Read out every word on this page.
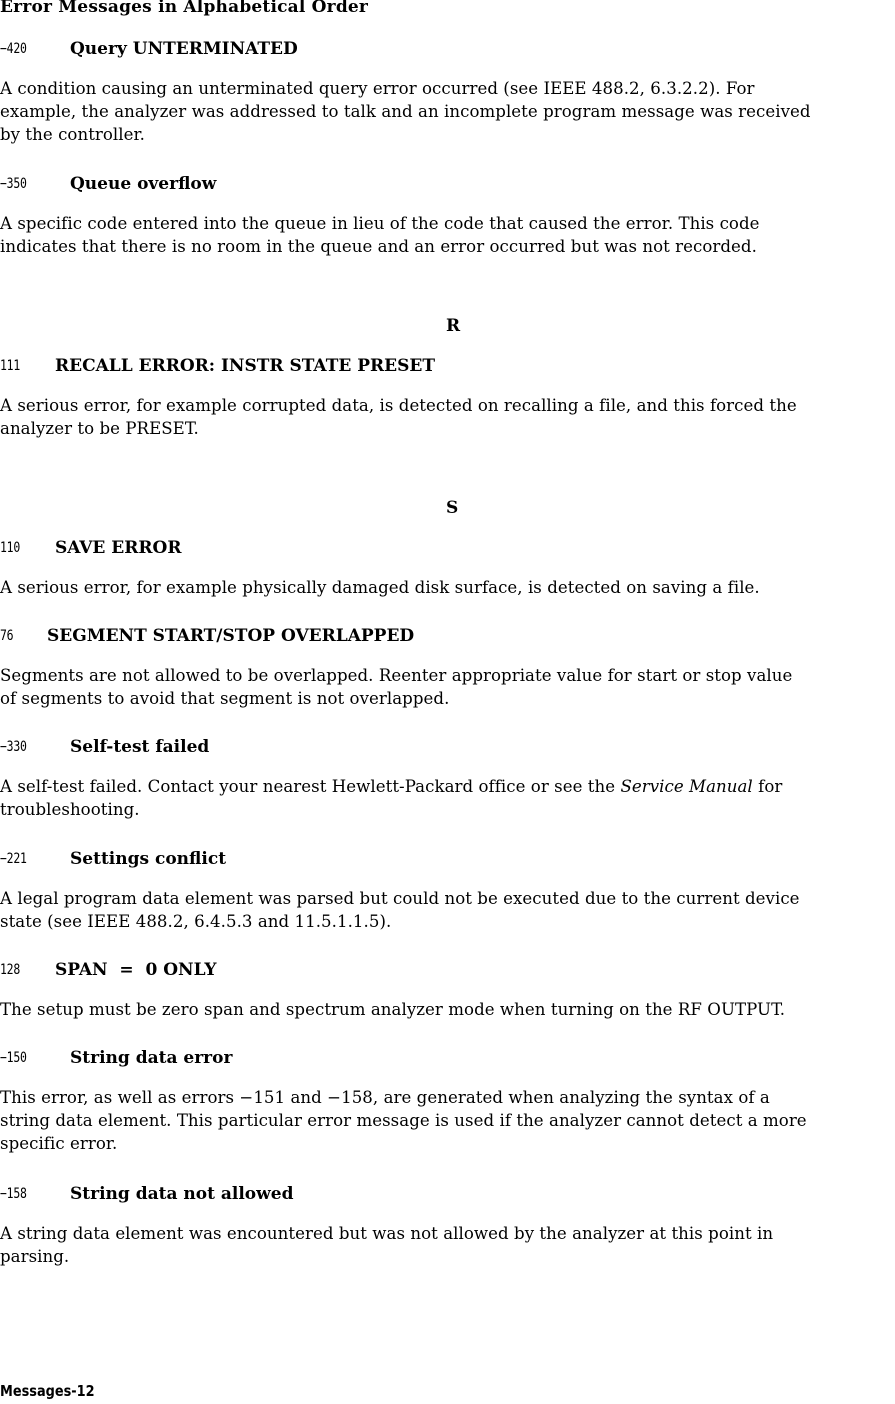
Error Messages in Alphabetical Order
−420	Query UNTERMINATED
A condition causing an unterminated query error occurred (see IEEE 488.2, 6.3.2.2). For
example, the analyzer was addressed to talk and an incomplete program message was received
by the controller.
−350	Queue overflow
A specific code entered into the queue in lieu of the code that caused the error. This code
indicates that there is no room in the queue and an error occurred but was not recorded.
R
111 RECALL ERROR: INSTR STATE PRESET
A serious error, for example corrupted data, is detected on recalling a file, and this forced the
analyzer to be PRESET.
S
110 SAVE ERROR
A serious error, for example physically damaged disk surface, is detected on saving a file.
76 SEGMENT START/STOP OVERLAPPED
Segments are not allowed to be overlapped. Reenter appropriate value for start or stop value
of segments to avoid that segment is not overlapped.
−330	Self-test failed
A self-test failed. Contact your nearest Hewlett-Packard office or see the Service Manual for
troubleshooting.
−221	Settings conflict
A legal program data element was parsed but could not be executed due to the current device
state (see IEEE 488.2, 6.4.5.3 and 11.5.1.1.5).
128 SPAN  =  0 ONLY
The setup must be zero span and spectrum analyzer mode when turning on the RF OUTPUT.
−150	String data error
This error, as well as errors −151 and −158, are generated when analyzing the syntax of a
string data element. This particular error message is used if the analyzer cannot detect a more
specific error.
−158	String data not allowed
A string data element was encountered but was not allowed by the analyzer at this point in
parsing.
Messages-12
